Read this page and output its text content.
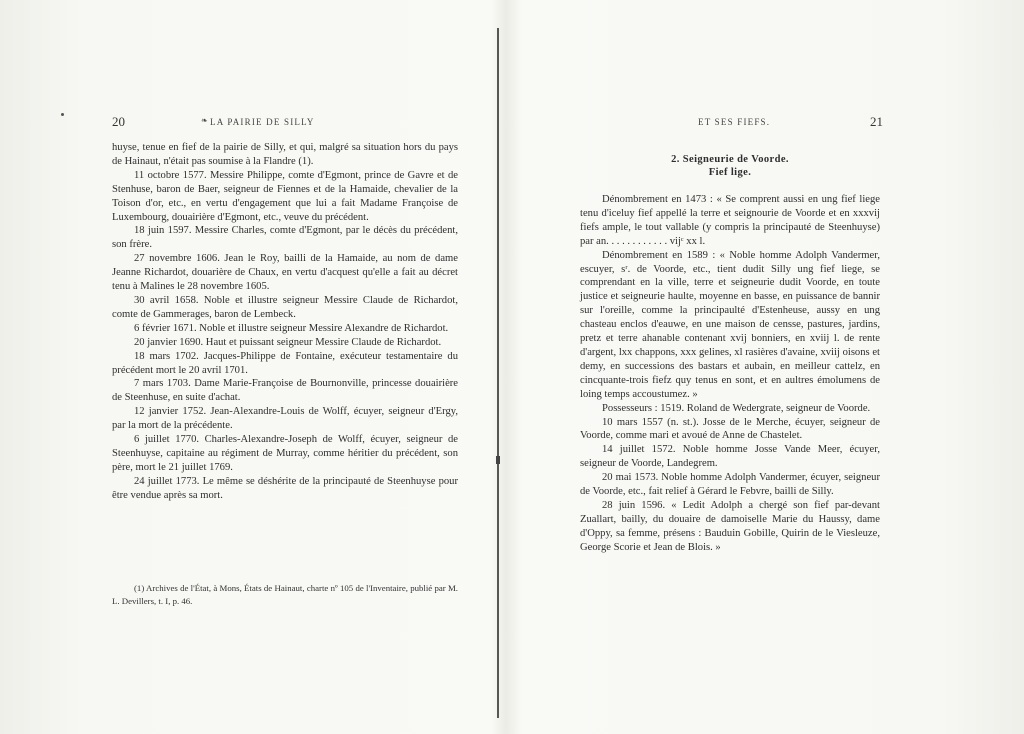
20	❧ LA PAIRIE DE SILLY

huyse, tenue en fief de la pairie de Silly, et qui, malgré sa situation hors du pays de Hainaut, n'était pas soumise à la Flandre (1).

11 octobre 1577. Messire Philippe, comte d'Egmont, prince de Gavre et de Stenhuse, baron de Baer, seigneur de Fiennes et de la Hamaide, chevalier de la Toison d'or, etc., en vertu d'engagement que lui a fait Madame Françoise de Luxembourg, douairière d'Egmont, etc., veuve du précédent.

18 juin 1597. Messire Charles, comte d'Egmont, par le décès du précédent, son frère.

27 novembre 1606. Jean le Roy, bailli de la Hamaide, au nom de dame Jeanne Richardot, douarière de Chaux, en vertu d'acquest qu'elle a fait au décret tenu à Malines le 28 novembre 1605.

30 avril 1658. Noble et illustre seigneur Messire Claude de Richardot, comte de Gammerages, baron de Lembeck.

6 février 1671. Noble et illustre seigneur Messire Alexandre de Richardot.

20 janvier 1690. Haut et puissant seigneur Messire Claude de Richardot.

18 mars 1702. Jacques-Philippe de Fontaine, exécuteur testamentaire du précédent mort le 20 avril 1701.

7 mars 1703. Dame Marie-Françoise de Bournonville, princesse douairière de Steenhuse, en suite d'achat.

12 janvier 1752. Jean-Alexandre-Louis de Wolff, écuyer, seigneur d'Ergy, par la mort de la précédente.

6 juillet 1770. Charles-Alexandre-Joseph de Wolff, écuyer, seigneur de Steenhuyse, capitaine au régiment de Murray, comme héritier du précédent, son père, mort le 21 juillet 1769.

24 juillet 1773. Le même se déshérite de la principauté de Steenhuyse pour être vendue après sa mort.

(1) Archives de l'État, à Mons, États de Hainaut, charte nº 105 de l'Inventaire, publié par M. L. Devillers, t. I, p. 46.

ET SES FIEFS.	21
2. Seigneurie de Voorde.
Fief lige.

Dénombrement en 1473 : « Se comprent aussi en ung fief liege tenu d'iceluy fief appellé la terre et seignourie de Voorde et en xxxvij fiefs ample, le tout vallable (y compris la principauté de Steenhuyse) par an. . . . . . . . . . . . vijᶜ xx l.

Dénombrement en 1589 : « Noble homme Adolph Vandermer, escuyer, sʳ. de Voorde, etc., tient dudit Silly ung fief liege, se comprendant en la ville, terre et seigneurie dudit Voorde, en toute justice et seigneurie haulte, moyenne en basse, en puissance de bannir sur l'oreille, comme la principaulté d'Estenheuse, aussy en ung chasteau enclos d'eauwe, en une maison de censse, pastures, jardins, pretz et terre ahanable contenant xvij bonniers, en xviij l. de rente d'argent, lxx chappons, xxx gelines, xl rasières d'avaine, xviij oisons et demy, en successions des bastars et aubain, en meilleur cattelz, en cincquante-trois fiefz quy tenus en sont, et en aultres émolumens de loing temps accoustumez. »

Possesseurs : 1519. Roland de Wedergrate, seigneur de Voorde.

10 mars 1557 (n. st.). Josse de le Merche, écuyer, seigneur de Voorde, comme mari et avoué de Anne de Chastelet.

14 juillet 1572. Noble homme Josse Vande Meer, écuyer, seigneur de Voorde, Landegrem.

20 mai 1573. Noble homme Adolph Vandermer, écuyer, seigneur de Voorde, etc., fait relief à Gérard le Febvre, bailli de Silly.

28 juin 1596. « Ledit Adolph a chergé son fief par-devant Zuallart, bailly, du douaire de damoiselle Marie du Haussy, dame d'Oppy, sa femme, présens : Bauduin Gobille, Quirin de le Viesleuze, George Scorie et Jean de Blois. »
